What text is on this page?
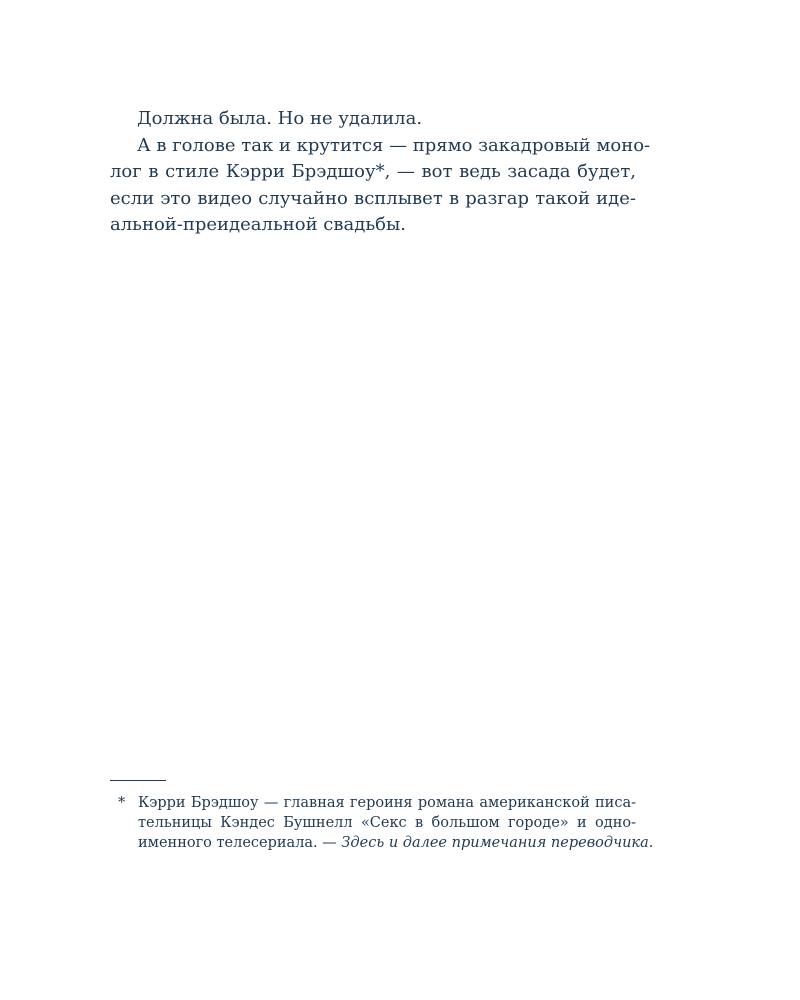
Должна была. Но не удалила.

А в голове так и крутится — прямо закадровый моно-
лог в стиле Кэрри Брэдшоу*, — вот ведь засада будет,
если это видео случайно всплывет в разгар такой иде-
альной-преидеальной свадьбы.

* Кэрри Брэдшоу — главная героиня романа американской писа-
тельницы Кэндес Бушнелл «Секс в большом городе» и одно-
именного телесериала. — Здесь и далее примечания переводчика.
